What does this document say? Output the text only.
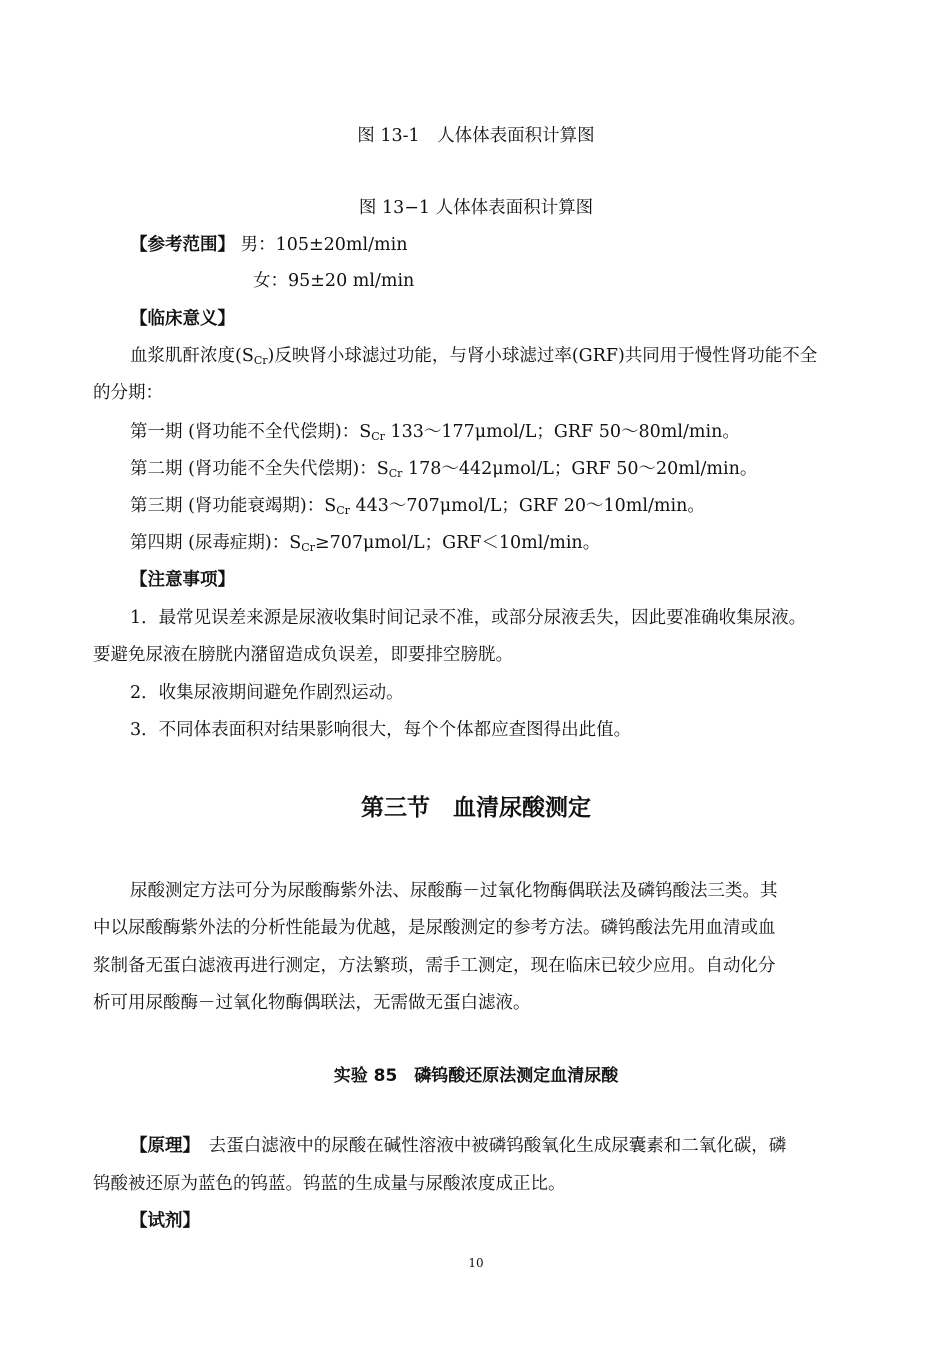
图 13-1　人体体表面积计算图
图 13−1 人体体表面积计算图
【参考范围】 男：105±20ml/min
女：95±20 ml/min
【临床意义】
血浆肌酐浓度$(S_{Cr})$反映肾小球滤过功能，与肾小球滤过率(GRF)共同用于慢性肾功能不全
的分期：
第一期 (肾功能不全代偿期)：$S_{Cr}$ 133～177μmol/L；GRF 50～80ml/min。
第二期 (肾功能不全失代偿期)：$S_{Cr}$ 178～442μmol/L；GRF 50～20ml/min。
第三期 (肾功能衰竭期)：$S_{Cr}$ 443～707μmol/L；GRF 20～10ml/min。
第四期 (尿毒症期)：$S_{Cr}\ge 707\mu mol/L$；GRF＜10ml/min。
【注意事项】
1．最常见误差来源是尿液收集时间记录不准，或部分尿液丢失，因此要准确收集尿液。
要避免尿液在膀胱内潴留造成负误差，即要排空膀胱。
2．收集尿液期间避免作剧烈运动。
3．不同体表面积对结果影响很大，每个个体都应查图得出此值。
第三节　血清尿酸测定
尿酸测定方法可分为尿酸酶紫外法、尿酸酶－过氧化物酶偶联法及磷钨酸法三类。其
中以尿酸酶紫外法的分析性能最为优越，是尿酸测定的参考方法。磷钨酸法先用血清或血
浆制备无蛋白滤液再进行测定，方法繁琐，需手工测定，现在临床已较少应用。自动化分
析可用尿酸酶－过氧化物酶偶联法，无需做无蛋白滤液。
实验 85　磷钨酸还原法测定血清尿酸
【原理】　去蛋白滤液中的尿酸在碱性溶液中被磷钨酸氧化生成尿囊素和二氧化碳，磷
钨酸被还原为蓝色的钨蓝。钨蓝的生成量与尿酸浓度成正比。
【试剂】
10
